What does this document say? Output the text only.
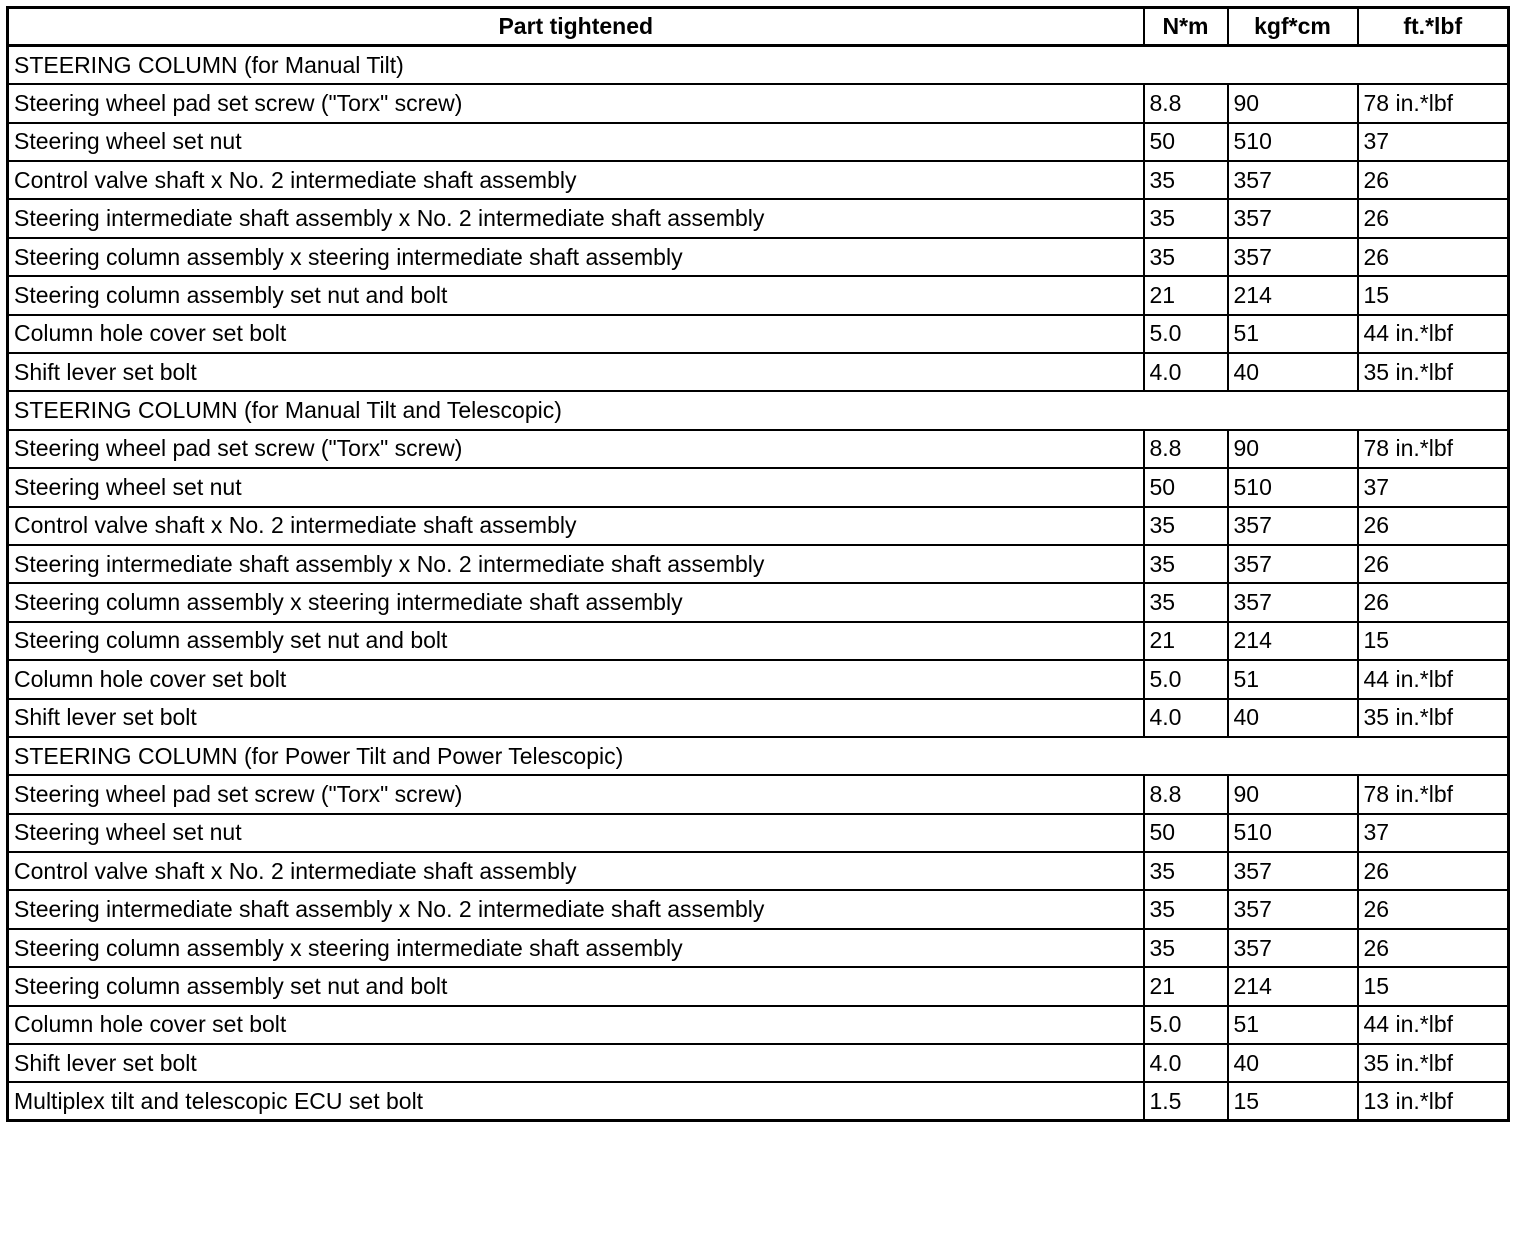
Part tightened	N*m	kgf*cm	ft.*lbf
STEERING COLUMN (for Manual Tilt)			
Steering wheel pad set screw ("Torx" screw)	8.8	90	78 in.*lbf
Steering wheel set nut	50	510	37
Control valve shaft x No. 2 intermediate shaft assembly	35	357	26
Steering intermediate shaft assembly x No. 2 intermediate shaft assembly	35	357	26
Steering column assembly x steering intermediate shaft assembly	35	357	26
Steering column assembly set nut and bolt	21	214	15
Column hole cover set bolt	5.0	51	44 in.*lbf
Shift lever set bolt	4.0	40	35 in.*lbf
STEERING COLUMN (for Manual Tilt and Telescopic)			
Steering wheel pad set screw ("Torx" screw)	8.8	90	78 in.*lbf
Steering wheel set nut	50	510	37
Control valve shaft x No. 2 intermediate shaft assembly	35	357	26
Steering intermediate shaft assembly x No. 2 intermediate shaft assembly	35	357	26
Steering column assembly x steering intermediate shaft assembly	35	357	26
Steering column assembly set nut and bolt	21	214	15
Column hole cover set bolt	5.0	51	44 in.*lbf
Shift lever set bolt	4.0	40	35 in.*lbf
STEERING COLUMN (for Power Tilt and Power Telescopic)			
Steering wheel pad set screw ("Torx" screw)	8.8	90	78 in.*lbf
Steering wheel set nut	50	510	37
Control valve shaft x No. 2 intermediate shaft assembly	35	357	26
Steering intermediate shaft assembly x No. 2 intermediate shaft assembly	35	357	26
Steering column assembly x steering intermediate shaft assembly	35	357	26
Steering column assembly set nut and bolt	21	214	15
Column hole cover set bolt	5.0	51	44 in.*lbf
Shift lever set bolt	4.0	40	35 in.*lbf
Multiplex tilt and telescopic ECU set bolt	1.5	15	13 in.*lbf
